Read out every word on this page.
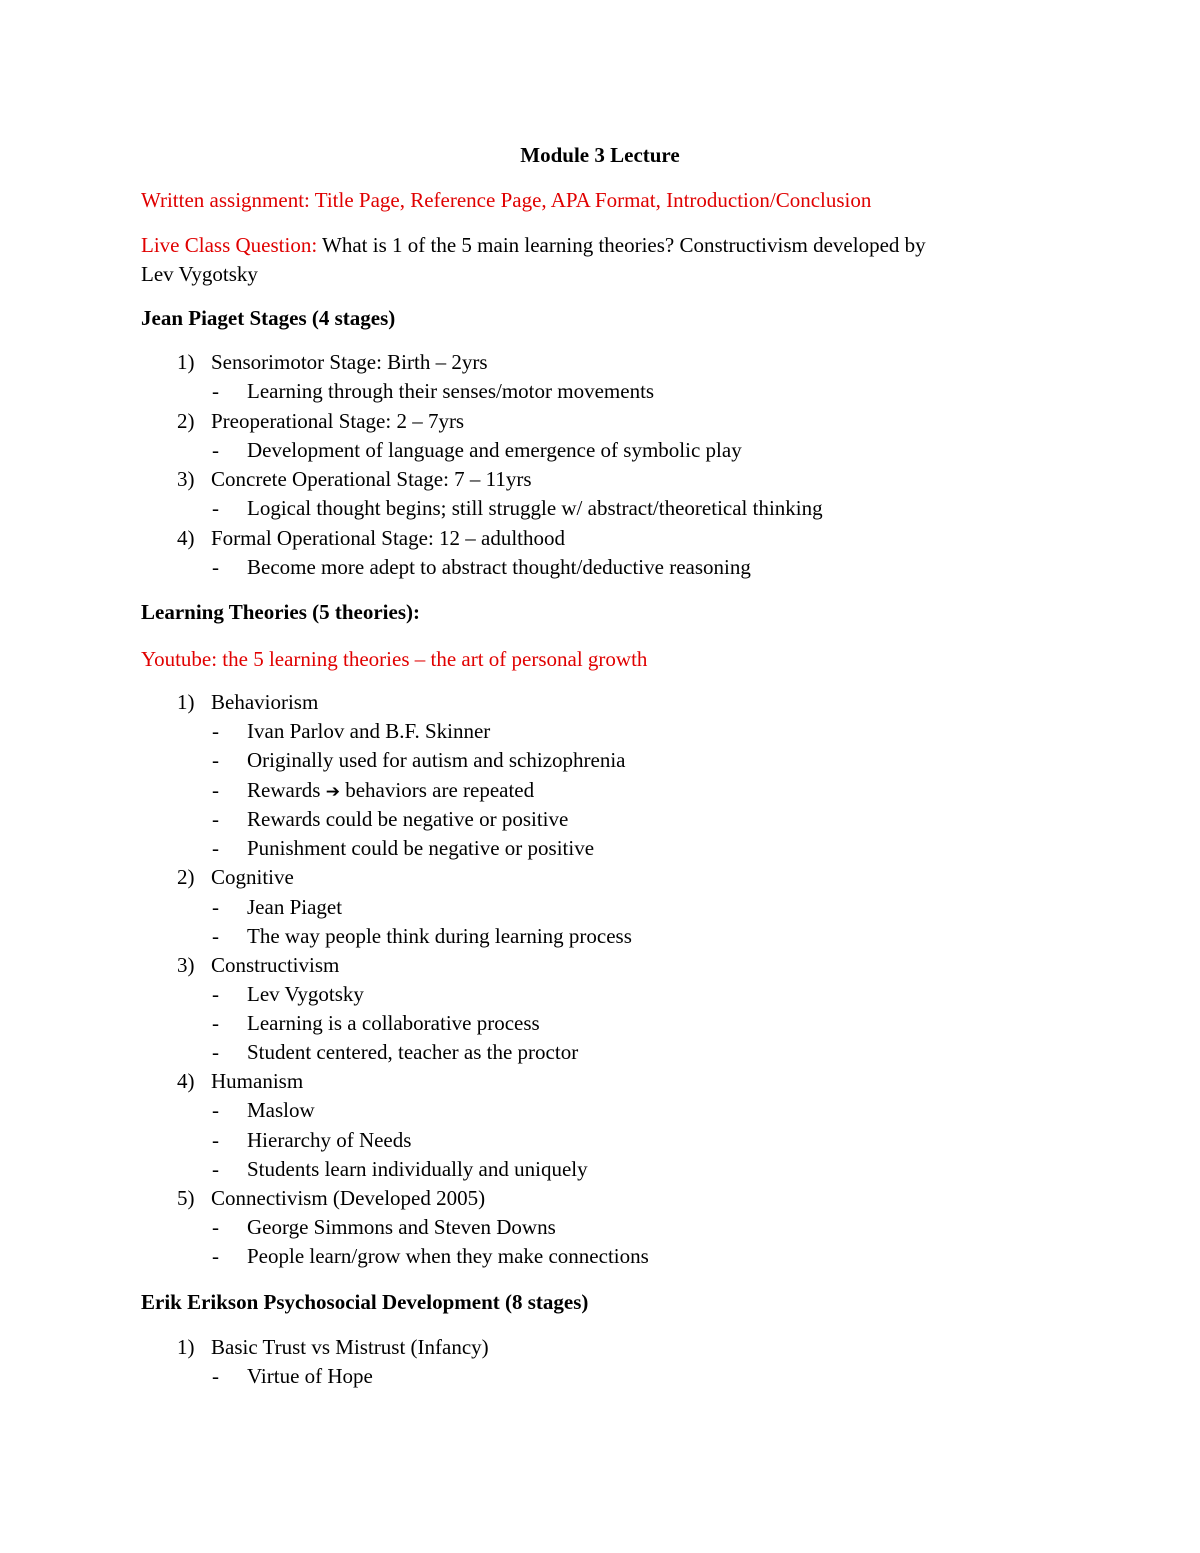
Module 3 Lecture
Written assignment: Title Page, Reference Page, APA Format, Introduction/Conclusion
Live Class Question: What is 1 of the 5 main learning theories? Constructivism developed by
Lev Vygotsky
Jean Piaget Stages (4 stages)
1) Sensorimotor Stage: Birth – 2yrs
- Learning through their senses/motor movements
2) Preoperational Stage: 2 – 7yrs
- Development of language and emergence of symbolic play
3) Concrete Operational Stage: 7 – 11yrs
- Logical thought begins; still struggle w/ abstract/theoretical thinking
4) Formal Operational Stage: 12 – adulthood
- Become more adept to abstract thought/deductive reasoning
Learning Theories (5 theories):
Youtube: the 5 learning theories – the art of personal growth
1) Behaviorism
- Ivan Parlov and B.F. Skinner
- Originally used for autism and schizophrenia
- Rewards ➔ behaviors are repeated
- Rewards could be negative or positive
- Punishment could be negative or positive
2) Cognitive
- Jean Piaget
- The way people think during learning process
3) Constructivism
- Lev Vygotsky
- Learning is a collaborative process
- Student centered, teacher as the proctor
4) Humanism
- Maslow
- Hierarchy of Needs
- Students learn individually and uniquely
5) Connectivism (Developed 2005)
- George Simmons and Steven Downs
- People learn/grow when they make connections
Erik Erikson Psychosocial Development (8 stages)
1) Basic Trust vs Mistrust (Infancy)
- Virtue of Hope
